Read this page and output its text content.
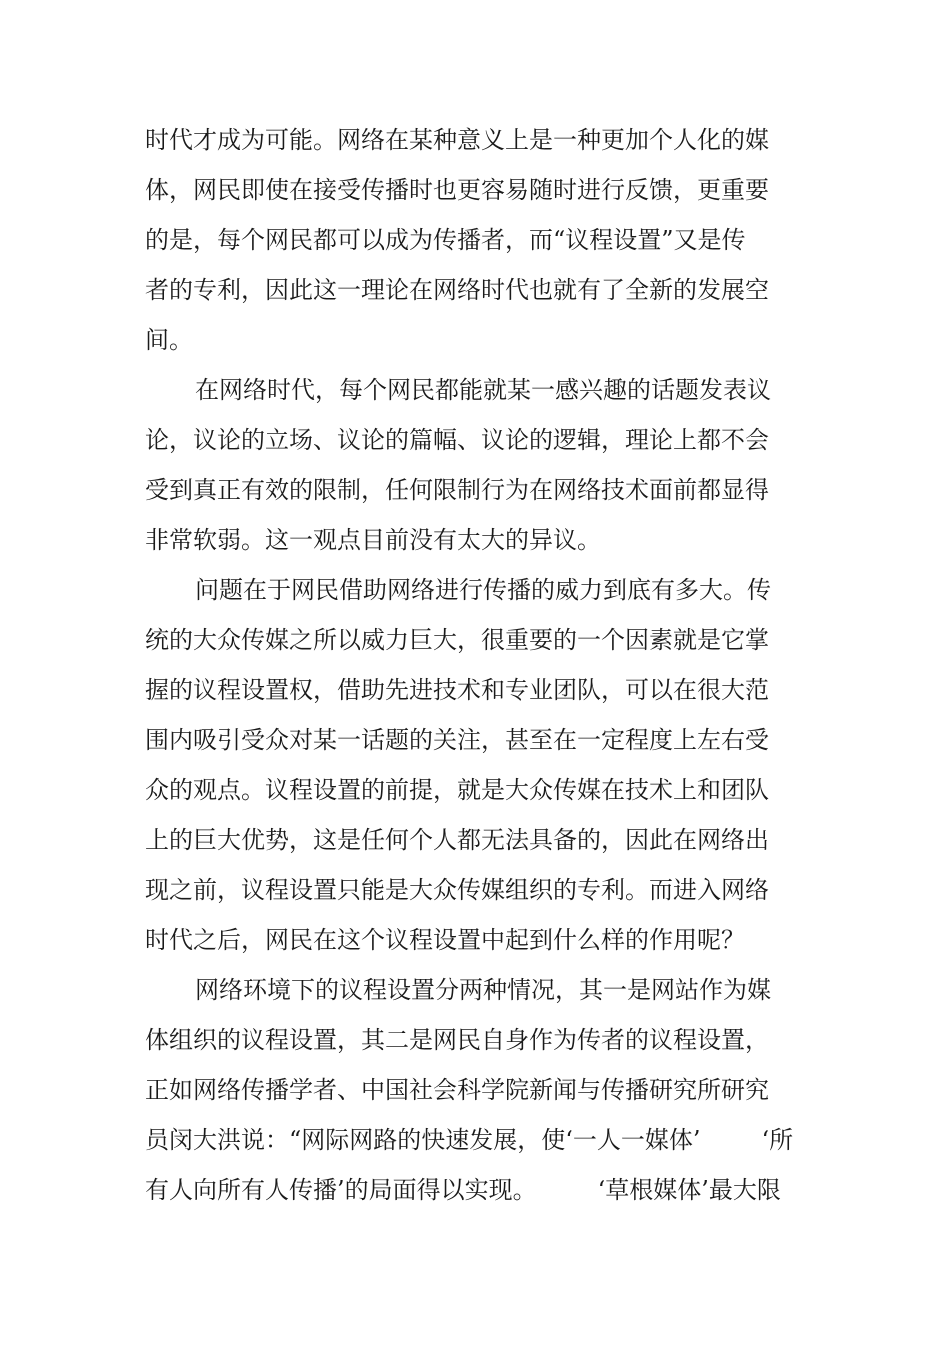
时代才成为可能。网络在某种意义上是一种更加个人化的媒
体，网民即使在接受传播时也更容易随时进行反馈，更重要
的是，每个网民都可以成为传播者，而“议程设置”又是传
者的专利，因此这一理论在网络时代也就有了全新的发展空
间。
在网络时代，每个网民都能就某一感兴趣的话题发表议
论，议论的立场、议论的篇幅、议论的逻辑，理论上都不会
受到真正有效的限制，任何限制行为在网络技术面前都显得
非常软弱。这一观点目前没有太大的异议。
问题在于网民借助网络进行传播的威力到底有多大。传
统的大众传媒之所以威力巨大，很重要的一个因素就是它掌
握的议程设置权，借助先进技术和专业团队，可以在很大范
围内吸引受众对某一话题的关注，甚至在一定程度上左右受
众的观点。议程设置的前提，就是大众传媒在技术上和团队
上的巨大优势，这是任何个人都无法具备的，因此在网络出
现之前，议程设置只能是大众传媒组织的专利。而进入网络
时代之后，网民在这个议程设置中起到什么样的作用呢？
网络环境下的议程设置分两种情况，其一是网站作为媒
体组织的议程设置，其二是网民自身作为传者的议程设置，
正如网络传播学者、中国社会科学院新闻与传播研究所研究
员闵大洪说：“网际网路的快速发展，使‘一人一媒体’        ‘所
有人向所有人传播’的局面得以实现。        ‘草根媒体’最大限
